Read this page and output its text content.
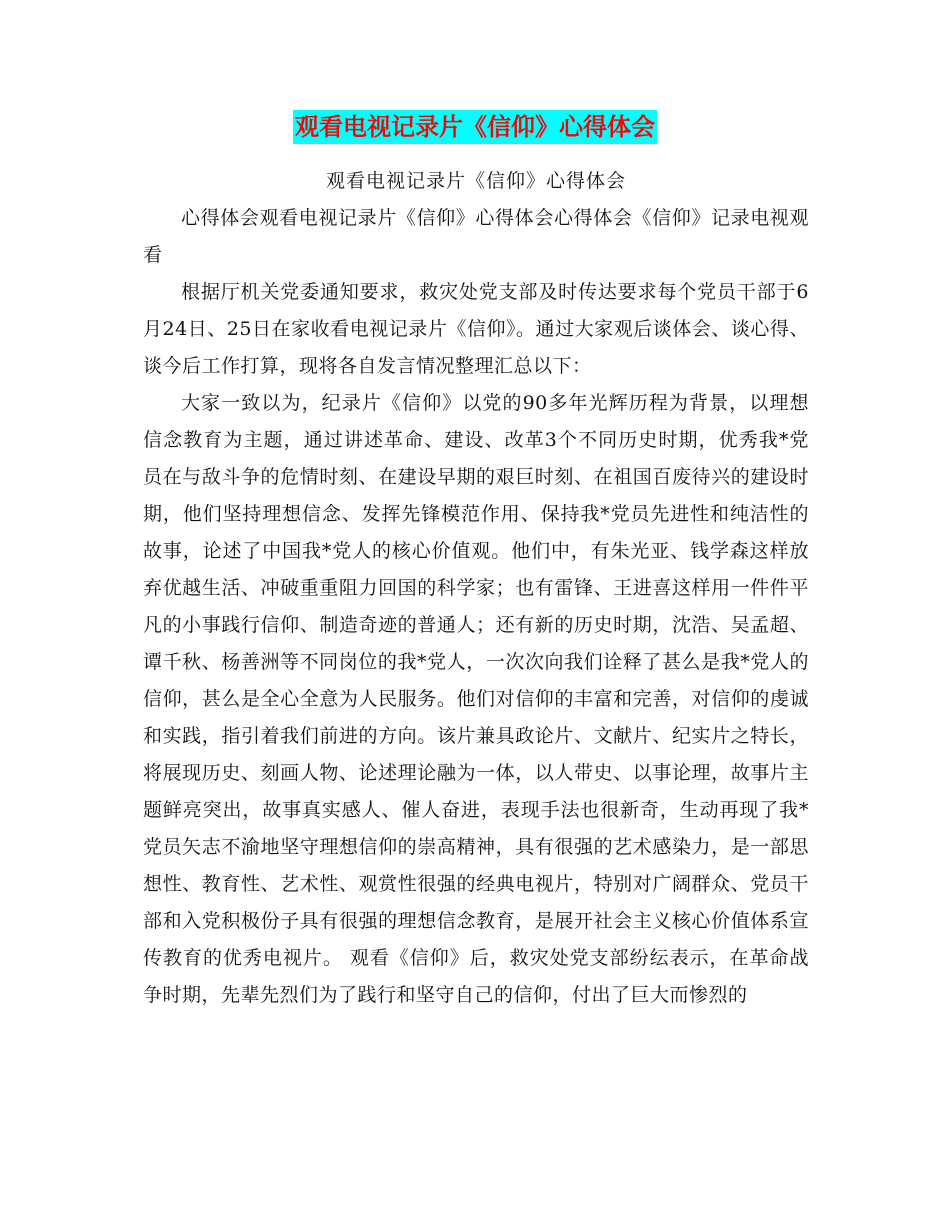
观看电视记录片《信仰》心得体会

观看电视记录片《信仰》心得体会

心得体会观看电视记录片《信仰》心得体会心得体会《信仰》记录电视观看

根据厅机关党委通知要求，救灾处党支部及时传达要求每个党员干部于6月24日、25日在家收看电视记录片《信仰》。通过大家观后谈体会、谈心得、谈今后工作打算，现将各自发言情况整理汇总以下：

大家一致以为，纪录片《信仰》以党的90多年光辉历程为背景，以理想信念教育为主题，通过讲述革命、建设、改革3个不同历史时期，优秀我*党员在与敌斗争的危情时刻、在建设早期的艰巨时刻、在祖国百废待兴的建设时期，他们坚持理想信念、发挥先锋模范作用、保持我*党员先进性和纯洁性的故事，论述了中国我*党人的核心价值观。他们中，有朱光亚、钱学森这样放弃优越生活、冲破重重阻力回国的科学家；也有雷锋、王进喜这样用一件件平凡的小事践行信仰、制造奇迹的普通人；还有新的历史时期，沈浩、吴孟超、谭千秋、杨善洲等不同岗位的我*党人，一次次向我们诠释了甚么是我*党人的信仰，甚么是全心全意为人民服务。他们对信仰的丰富和完善，对信仰的虔诚和实践，指引着我们前进的方向。该片兼具政论片、文献片、纪实片之特长，将展现历史、刻画人物、论述理论融为一体，以人带史、以事论理，故事片主题鲜亮突出，故事真实感人、催人奋进，表现手法也很新奇，生动再现了我*党员矢志不渝地坚守理想信仰的崇高精神，具有很强的艺术感染力，是一部思想性、教育性、艺术性、观赏性很强的经典电视片，特别对广阔群众、党员干部和入党积极份子具有很强的理想信念教育，是展开社会主义核心价值体系宣传教育的优秀电视片。 观看《信仰》后，救灾处党支部纷纭表示，在革命战争时期，先辈先烈们为了践行和坚守自己的信仰，付出了巨大而惨烈的
